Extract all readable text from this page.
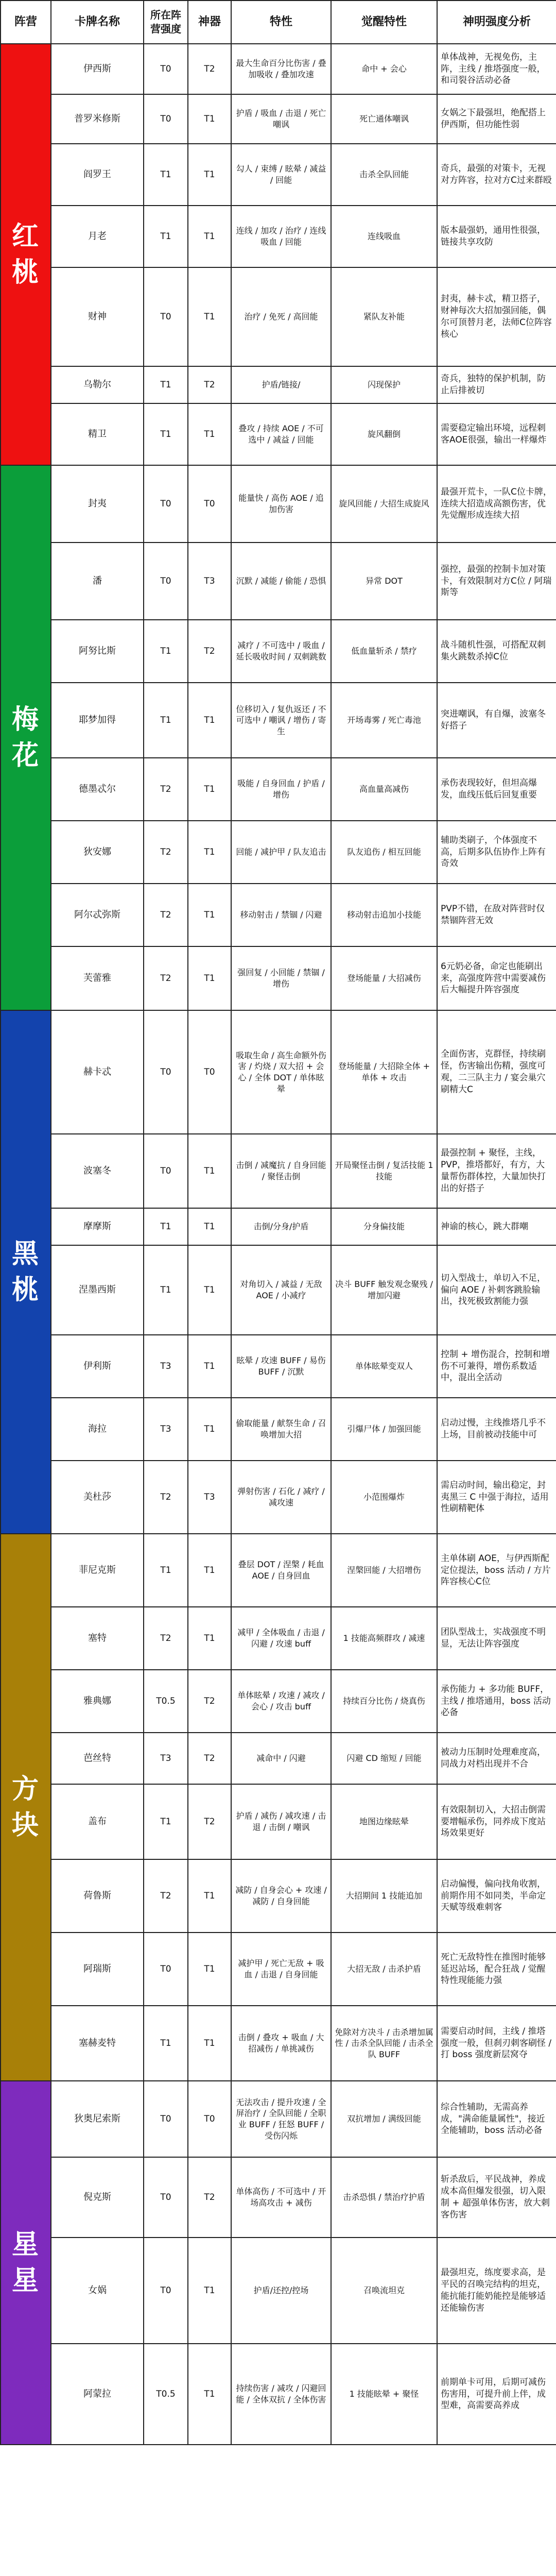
阵营	卡牌名称	所在阵营强度	神器	特性	觉醒特性	神明强度分析
红桃	伊西斯	T0	T2	最大生命百分比伤害 / 叠加吸收 / 叠加攻速	命中 + 会心	单体战神，无视免伤，主阵，主线 / 推塔强度一般，和司裂谷活动必备
	普罗米修斯	T0	T1	护盾 / 吸血 / 击退 / 死亡嘲讽	死亡通体嘲讽	女娲之下最强坦，绝配搭上伊西斯，但功能性弱
	阎罗王	T1	T1	勾人 / 束缚 / 眩晕 / 减益 / 回能	击杀全队回能	奇兵，最强的对策卡，无视对方阵容，拉对方C过来群殴
	月老	T1	T1	连线 / 加攻 / 治疗 / 连线吸血 / 回能	连线吸血	版本最强奶，通用性很强，链接共享攻防
	财神	T0	T1	治疗 / 免死 / 高回能	紧队友补能	封夷，赫卡忒，精卫搭子，财神每次大招加强回能，偶尔可顶替月老，法师C位阵容核心
	乌勒尔	T1	T2	护盾/链接/	闪现保护	奇兵，独特的保护机制，防止后排被切
	精卫	T1	T1	叠攻 / 持续 AOE / 不可选中 / 减益 / 回能	旋风翻倒	需要稳定输出环境，远程刺客AOE很强，输出一样爆炸
梅花	封夷	T0	T0	能量快 / 高伤 AOE / 追加伤害	旋风回能 / 大招生成旋风	最强开荒卡，一队C位卡牌，连续大招造成高额伤害，优先觉醒形成连续大招
	潘	T0	T3	沉默 / 减能 / 偷能 / 恐惧	异常 DOT	强控，最强的控制卡加对策卡，有效限制对方C位 / 阿瑞斯等
	阿努比斯	T1	T2	减疗 / 不可选中 / 吸血 / 延长吸收时间 / 双刺跳数	低血量斩杀 / 禁疗	战斗随机性强，可搭配双刺集火跳数杀掉C位
	耶梦加得	T1	T1	位移切入 / 复仇返还 / 不可选中 / 嘲讽 / 增伤 / 寄生	开场毒雾 / 死亡毒池	突进嘲讽，有自爆，波塞冬好搭子
	德墨忒尔	T2	T1	吸能 / 自身回血 / 护盾 / 增伤	高血量高减伤	承伤表现较好，但坦高爆发，血线压低后回复重要
	狄安娜	T2	T1	回能 / 减护甲 / 队友追击	队友追伤 / 相互回能	辅助类刷子，个体强度不高，后期多队伍协作上阵有奇效
	阿尔忒弥斯	T2	T1	移动射击 / 禁锢 / 闪避	移动射击追加小技能	PVP不错，在敌对阵营时仅禁锢阵营无效
	芙蕾雅	T2	T1	强回复 / 小回能 / 禁锢 / 增伤	登场能量 / 大招减伤	6元奶必备，命定也能刷出来，高强度阵营中需要减伤后大幅提升阵容强度
黑桃	赫卡忒	T0	T0	吸取生命 / 高生命额外伤害 / 灼烧 / 双大招 + 会心 / 全体 DOT / 单体眩晕	登场能量 / 大招除全体 + 单体 + 攻击	全面伤害，克群怪，持续刷怪，伤害输出伤精，强度可观，二三队主力 / 宴会巢穴刷精大C
	波塞冬	T0	T1	击倒 / 减魔抗 / 自身回能 / 聚怪击倒	开局聚怪击倒 / 复活技能 1 技能	最强控制 + 聚怪，主线，PVP，推塔都好，有方，大量帮伤群体控，大量加快打出的好搭子
	摩摩斯	T1	T1	击倒/分身/护盾	分身偏技能	神谕的核心，跳大群嘲
	涅墨西斯	T1	T1	对角切入 / 减益 / 无敌 AOE / 小减疗	决斗 BUFF 触发观念聚残 / 增加闪避	切入型战士，单切入不足，偏向 AOE / 补刺客跳脸输出，找死极致割能力强
	伊利斯	T3	T1	眩晕 / 攻速 BUFF / 易伤 BUFF / 沉默	单体眩晕变双人	控制 + 增伤混合，控制和增伤不可兼得，增伤系数适中，混出全活动
	海拉	T3	T1	偷取能量 / 献祭生命 / 召唤增加大招	引爆尸体 / 加强回能	启动过慢，主线推塔几乎不上场，目前被动技能中可
	美杜莎	T2	T3	弹射伤害 / 石化 / 减疗 / 减攻速	小范围爆炸	需启动时间，输出稳定，封夷黑三 C 中强于海拉，适用性刷精靶体
方块	菲尼克斯	T1	T1	叠层 DOT / 涅槃 / 耗血 AOE / 自身回血	涅槃回能 / 大招增伤	主单体刷 AOE，与伊西斯配定位提法，boss 活动 / 方片阵容核心C位
	塞特	T2	T1	减甲 / 全体吸血 / 击退 / 闪避 / 攻速 buff	1 技能高频群攻 / 减速	团队型战士，实战强度不明显，无法让阵容强度
	雅典娜	T0.5	T2	单体眩晕 / 攻速 / 减攻 / 会心 / 攻击 buff	持续百分比伤 / 烧真伤	承伤能力 + 多功能 BUFF，主线 / 推塔通用，boss 活动必备
	芭丝特	T3	T2	减命中 / 闪避	闪避 CD 缩短 / 回能	被动力压制时处理难度高，同战力对档出现并不合
	盖布	T1	T2	护盾 / 减伤 / 减攻速 / 击退 / 击倒 / 嘲讽	地图边缘眩晕	有效限制切入，大招击倒需要增幅承伤，同养成下度站场效果更好
	荷鲁斯	T2	T1	减防 / 自身会心 + 攻速 / 减防 / 自身回能	大招期间 1 技能追加	启动偏慢，偏向找角收割，前期作用不如同类，半命定天赋等级难刺客
	阿瑞斯	T0	T1	减护甲 / 死亡无敌 + 吸血 / 击退 / 自身回能	大招无敌 / 击杀护盾	死亡无敌特性在推图时能够延迟站场，配合狂战 / 觉醒特性现能能力强
	塞赫麦特	T1	T1	击倒 / 叠攻 + 吸血 / 大招减伤 / 单挑减伤	免除对方决斗 / 击杀增加属性 / 击杀全队回能 / 击杀全队 BUFF	需要启动时间，主线 / 推塔强度一般，但刹刃刺客刷怪 / 打 boss 强度新层窝夺
星星	狄奥尼索斯	T0	T0	无法攻击 / 提升攻速 / 全屏治疗 / 全队回能 / 全职业 BUFF / 狂怒 BUFF / 受伤闪烁	双抗增加 / 满级回能	综合性辅助，无需高养成，"满命能量属性"，接近全能辅助，boss 活动必备
	倪克斯	T0	T2	单体高伤 / 不可选中 / 开场高攻击 + 减伤	击杀恐惧 / 禁治疗护盾	斩杀敌后，平民战神，养成成本高但爆发很强，切入限制 + 超强单体伤害，放大刺客伤害
	女娲	T0	T1	护盾/还控/控场	召唤流坦克	最强坦克，练度要求高，是平民的召唤完结构的坦克，能抗能打能奶能控是能够适还能输伤害
	阿蒙拉	T0.5	T1	持续伤害 / 减攻 / 闪避回能 / 全体双抗 / 全体伤害	1 技能眩晕 + 聚怪	前期单卡可用，后期可减伤伤害用，可提升前上伴，成型难，高需要高养成
